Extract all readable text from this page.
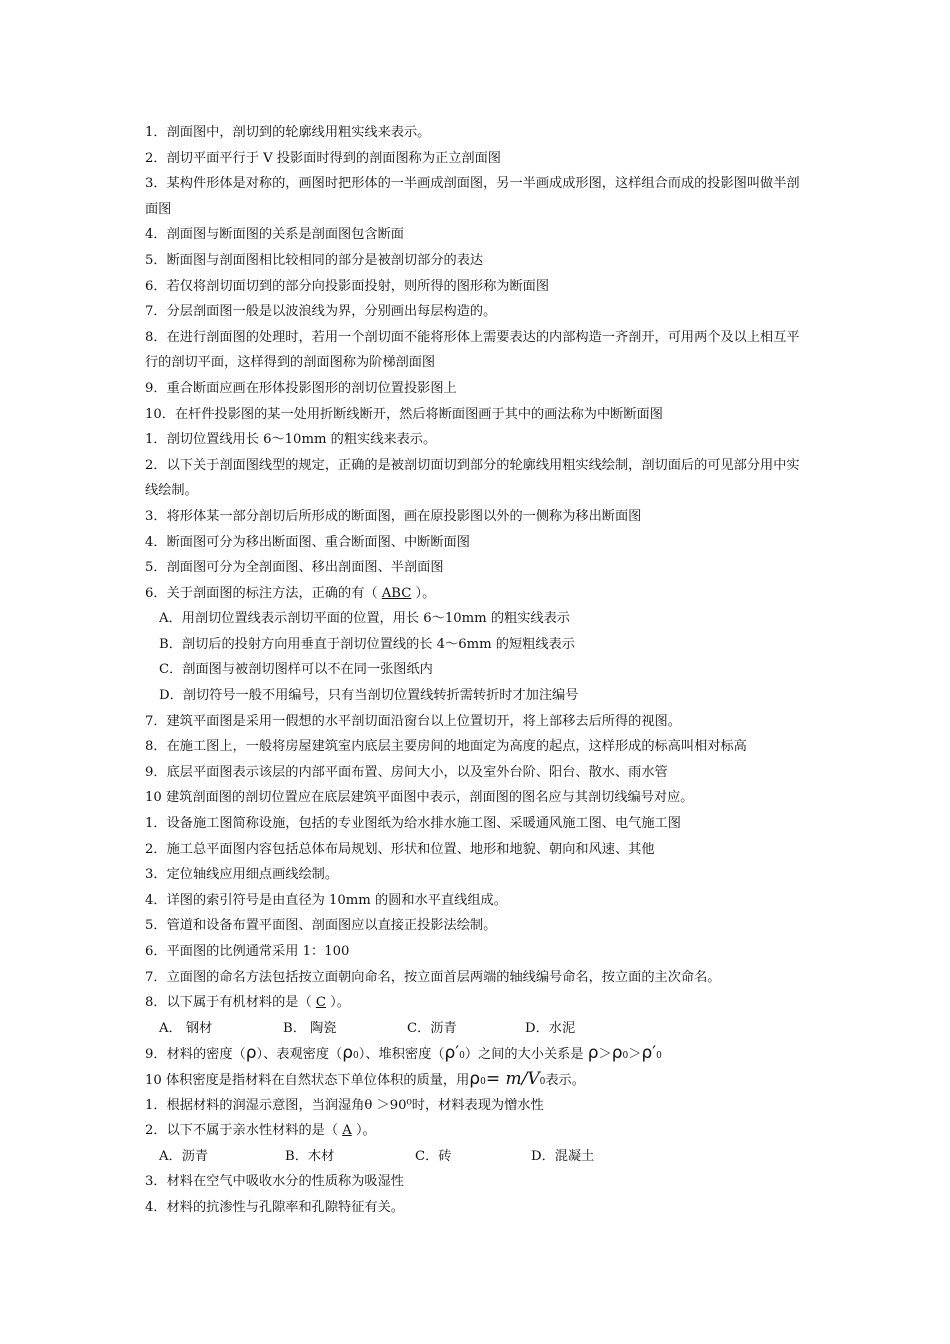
1．剖面图中，剖切到的轮廓线用粗实线来表示。
2．剖切平面平行于 V 投影面时得到的剖面图称为正立剖面图
3．某构件形体是对称的，画图时把形体的一半画成剖面图，另一半画成成形图，这样组合而成的投影图叫做半剖面图
4．剖面图与断面图的关系是剖面图包含断面
5．断面图与剖面图相比较相同的部分是被剖切部分的表达
6．若仅将剖切面切到的部分向投影面投射，则所得的图形称为断面图
7．分层剖面图一般是以波浪线为界，分别画出每层构造的。
8．在进行剖面图的处理时，若用一个剖切面不能将形体上需要表达的内部构造一齐剖开，可用两个及以上相互平行的剖切平面，这样得到的剖面图称为阶梯剖面图
9．重合断面应画在形体投影图形的剖切位置投影图上
10．在杆件投影图的某一处用折断线断开，然后将断面图画于其中的画法称为中断断面图
1．剖切位置线用长 6～10mm 的粗实线来表示。
2．以下关于剖面图线型的规定，正确的是被剖切面切到部分的轮廓线用粗实线绘制，剖切面后的可见部分用中实线绘制。
3．将形体某一部分剖切后所形成的断面图，画在原投影图以外的一侧称为移出断面图
4．断面图可分为移出断面图、重合断面图、中断断面图
5．剖面图可分为全剖面图、移出剖面图、半剖面图
6．关于剖面图的标注方法，正确的有（ ABC ）。
A．用剖切位置线表示剖切平面的位置，用长 6～10mm 的粗实线表示
B．剖切后的投射方向用垂直于剖切位置线的长 4～6mm 的短粗线表示
C．剖面图与被剖切图样可以不在同一张图纸内
D．剖切符号一般不用编号，只有当剖切位置线转折需转折时才加注编号
7．建筑平面图是采用一假想的水平剖切面沿窗台以上位置切开，将上部移去后所得的视图。
8．在施工图上，一般将房屋建筑室内底层主要房间的地面定为高度的起点，这样形成的标高叫相对标高
9．底层平面图表示该层的内部平面布置、房间大小，以及室外台阶、阳台、散水、雨水管
10 建筑剖面图的剖切位置应在底层建筑平面图中表示，剖面图的图名应与其剖切线编号对应。
1．设备施工图简称设施，包括的专业图纸为给水排水施工图、采暖通风施工图、电气施工图
2．施工总平面图内容包括总体布局规划、形状和位置、地形和地貌、朝向和风速、其他
3．定位轴线应用细点画线绘制。
4．详图的索引符号是由直径为 10mm 的圆和水平直线组成。
5．管道和设备布置平面图、剖面图应以直接正投影法绘制。
6．平面图的比例通常采用 1：100
7．立面图的命名方法包括按立面朝向命名，按立面首层两端的轴线编号命名，按立面的主次命名。
8．以下属于有机材料的是（ C ）。
A． 钢材	B． 陶瓷	C．沥青	D．水泥
9．材料的密度（ρ）、表观密度（ρ0）、堆积密度（ρ′0）之间的大小关系是 ρ＞ρ0＞ρ′0
10 体积密度是指材料在自然状态下单位体积的质量，用ρ0= m/V0表示。
1．根据材料的润湿示意图，当润湿角θ ＞90⁰时，材料表现为憎水性
2．以下不属于亲水性材料的是（ A ）。
A．沥青	B．木材	C．砖	D．混凝土
3．材料在空气中吸收水分的性质称为吸湿性
4．材料的抗渗性与孔隙率和孔隙特征有关。
